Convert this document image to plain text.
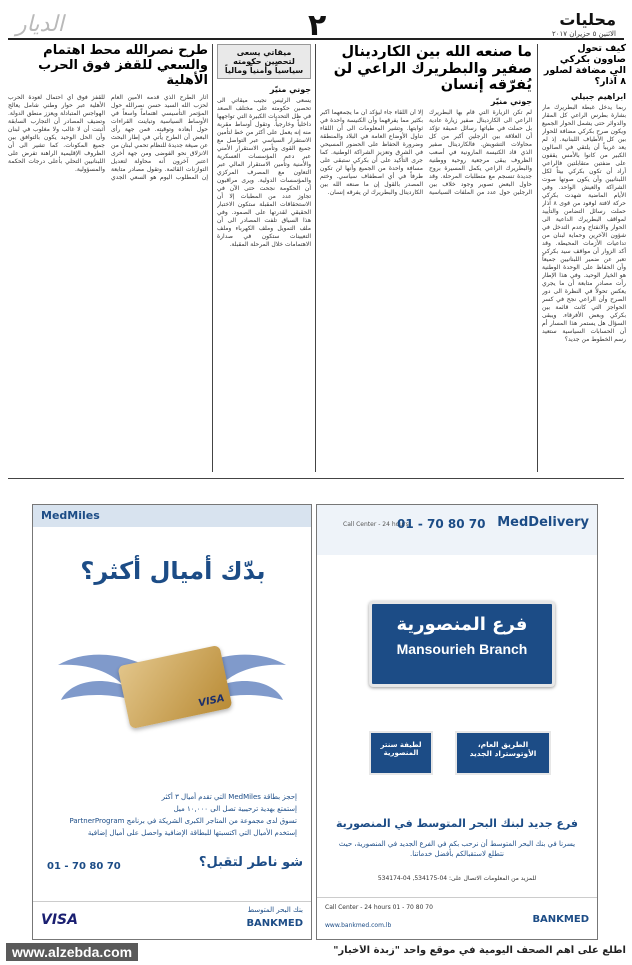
الديار	٢	محليات
الاثنين ٥ حزيران ٢٠١٧
كيف تحول صاوون بكركي الى مضافة لصلور ٨ آذار؟
ابراهيم جبيلي
ربما يدخل غبطة البطريرك مار بشارة بطرس الراعي كل المقار والدوائر حتى يشمل الحوار الجميع ويكون صرح بكركي مضافة للحوار بين كل الأطياف اللبنانية. إذ لم يعد غريباً أن يلتقي في الصالون الكبير من كانوا بالأمس يقفون على ضفتين متقابلتين فالراعي أراد أن تكون بكركي بيتاً لكل اللبنانيين وأن يكون صوتها صوت الشراكة والعيش الواحد. وفي الأيام الماضية شهدت بكركي حركة لافتة لوفود من قوى ٨ آذار حملت رسائل التضامن والتأييد لمواقف البطريرك الداعية الى الحوار والانفتاح وعدم التدخل في شؤون الآخرين وحماية لبنان من تداعيات الأزمات المحيطة. وقد أكد الزوار أن مواقف سيد بكركي تعبر عن ضمير اللبنانيين جميعاً وأن الحفاظ على الوحدة الوطنية هو الخيار الوحيد. وفي هذا الإطار رأت مصادر متابعة أن ما يجري يعكس تحولاً في النظرة الى دور الصرح وأن الراعي نجح في كسر الحواجز التي كانت قائمة بين بكركي وبعض الأفرقاء. ويبقى السؤال هل يستمر هذا المسار أم أن الحسابات السياسية ستعيد رسم الخطوط من جديد؟
ما صنعه الله بين الكاردينال صفير والبطريرك الراعي لن يُفرّقه إنسان
جوني منيّر
لم تكن الزيارة التي قام بها البطريرك الراعي الى الكاردينال صفير زيارة عادية بل حملت في طياتها رسائل عميقة تؤكد أن العلاقة بين الرجلين أكبر من كل محاولات التشويش. فالكاردينال صفير الذي قاد الكنيسة المارونية في أصعب الظروف يبقى مرجعية روحية ووطنية والبطريرك الراعي يكمل المسيرة بروح جديدة تنسجم مع متطلبات المرحلة. وقد حاول البعض تصوير وجود خلاف بين الرجلين حول عدد من الملفات السياسية إلا أن اللقاء جاء ليؤكد أن ما يجمعهما أكبر بكثير مما يفرقهما وأن الكنيسة واحدة في ثوابتها. وتشير المعلومات الى أن اللقاء تناول الأوضاع العامة في البلاد والمنطقة وضرورة الحفاظ على الحضور المسيحي في الشرق وتعزيز الشراكة الوطنية. كما جرى التأكيد على أن بكركي ستبقى على مسافة واحدة من الجميع وأنها لن تكون طرفاً في أي اصطفاف سياسي. وختم المصدر بالقول إن ما صنعه الله بين الكاردينال والبطريرك لن يفرقه إنسان.
ميقاتي يسعى لتحصين حكومته سياسياً وأمنياً ومالياً
جوني منيّر
يسعى الرئيس نجيب ميقاتي الى تحصين حكومته على مختلف الصعد في ظل التحديات الكبيرة التي تواجهها داخلياً وخارجياً. وتقول أوساط مقربة منه إنه يعمل على أكثر من خط لتأمين الاستقرار السياسي عبر التواصل مع جميع القوى وتأمين الاستقرار الأمني عبر دعم المؤسسات العسكرية والأمنية وتأمين الاستقرار المالي عبر التعاون مع المصرف المركزي والمؤسسات الدولية. ويرى مراقبون أن الحكومة نجحت حتى الآن في تجاوز عدد من المطبات إلا أن الاستحقاقات المقبلة ستكون الاختبار الحقيقي لقدرتها على الصمود. وفي هذا السياق تلفت المصادر الى أن ملف التمويل وملف الكهرباء وملف التعيينات ستكون في صدارة الاهتمامات خلال المرحلة المقبلة.
طرح نصرالله محط اهتمام والسعي للقفز فوق الحرب الأهلية
أثار الطرح الذي قدمه الأمين العام لحزب الله السيد حسن نصرالله حول المؤتمر التأسيسي اهتماماً واسعاً في الأوساط السياسية وتباينت القراءات حول أبعاده وتوقيته. فمن جهة رأى البعض أن الطرح يأتي في إطار البحث عن صيغة جديدة للنظام تحمي لبنان من الانزلاق نحو الفوضى ومن جهة أخرى اعتبر آخرون أنه محاولة لتعديل التوازنات القائمة. وتقول مصادر متابعة إن المطلوب اليوم هو السعي الجدي للقفز فوق أي احتمال لعودة الحرب الأهلية عبر حوار وطني شامل يعالج الهواجس المتبادلة ويعزز منطق الدولة. وتضيف المصادر أن التجارب السابقة أثبتت أن لا غالب ولا مغلوب في لبنان وأن الحل الوحيد يكون بالتوافق بين جميع المكونات. كما تشير الى أن الظروف الإقليمية الراهنة تفرض على اللبنانيين التحلي بأعلى درجات الحكمة والمسؤولية.
MedMiles
بدّك أميال أكثر؟
VISA
إحجز بطاقة MedMiles التي تقدم أميال ٣ أكثر
إستمتع بهدية ترحيبية تصل الى ١٠,٠٠٠ ميل
تسوق لدى مجموعة من المتاجر الكبرى الشريكة في برنامج PartnerProgram
إستخدم الأميال التي اكتسبتها للبطاقة الإضافية واحصل على أميال إضافية
شو ناطر لتقبل؟
01 - 70 80 70
BANKMED
بنك البحر المتوسط
VISA
Call Center - 24 hours
01 - 70 80 70 MedDelivery
فرع المنصورية
Mansourieh Branch
لطيفة سنتر
المنصورية
الطريق العام،
الأوتوستراد الجديد
فرع جديد لبنك البحر المتوسط في المنصورية
يسرنا في بنك البحر المتوسط أن نرحب بكم في الفرع الجديد في المنصورية، حيث نتطلع لاستقبالكم بأفضل خدماتنا.
للمزيد من المعلومات الاتصال على: 04-534175, 04-534174
Call Center - 24 hours 01 - 70 80 70
www.bankmed.com.lb
BANKMED
www.alzebda.com	اطلع على أهم الصحف اليومية في موقع واحد "زبدة الأخبار"
